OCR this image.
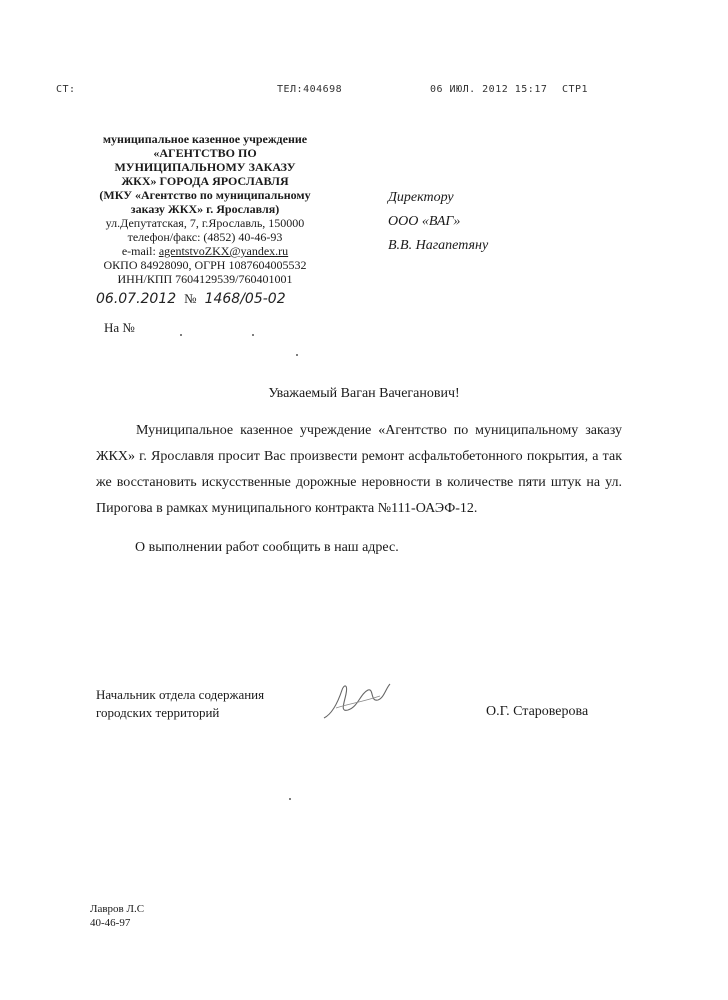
СТ:	ТЕЛ:404698	06 ИЮЛ. 2012 15:17 СТР1
муниципальное казенное учреждение
«АГЕНТСТВО ПО
МУНИЦИПАЛЬНОМУ ЗАКАЗУ
ЖКХ» ГОРОДА ЯРОСЛАВЛЯ
(МКУ «Агентство по муниципальному
заказу ЖКХ» г. Ярославля)
ул.Депутатская, 7, г.Ярославль, 150000
телефон/факс: (4852) 40-46-93
e-mail: agentstvoZKX@yandex.ru
ОКПО 84928090, ОГРН 1087604005532
ИНН/КПП 7604129539/760401001
06.07.2012 № 1468/05-02
На №
Директору
ООО «ВАГ»
В.В. Нагапетяну
Уважаемый Ваган Вачеганович!
Муниципальное казенное учреждение «Агентство по муниципальному заказу ЖКХ» г. Ярославля просит Вас произвести ремонт асфальтобетонного покрытия, а так же восстановить искусственные дорожные неровности в количестве пяти штук на ул. Пирогова в рамках муниципального контракта №111-ОАЭФ-12.
О выполнении работ сообщить в наш адрес.
Начальник отдела содержания
городских территорий	О.Г. Староверова
Лавров Л.С
40-46-97
